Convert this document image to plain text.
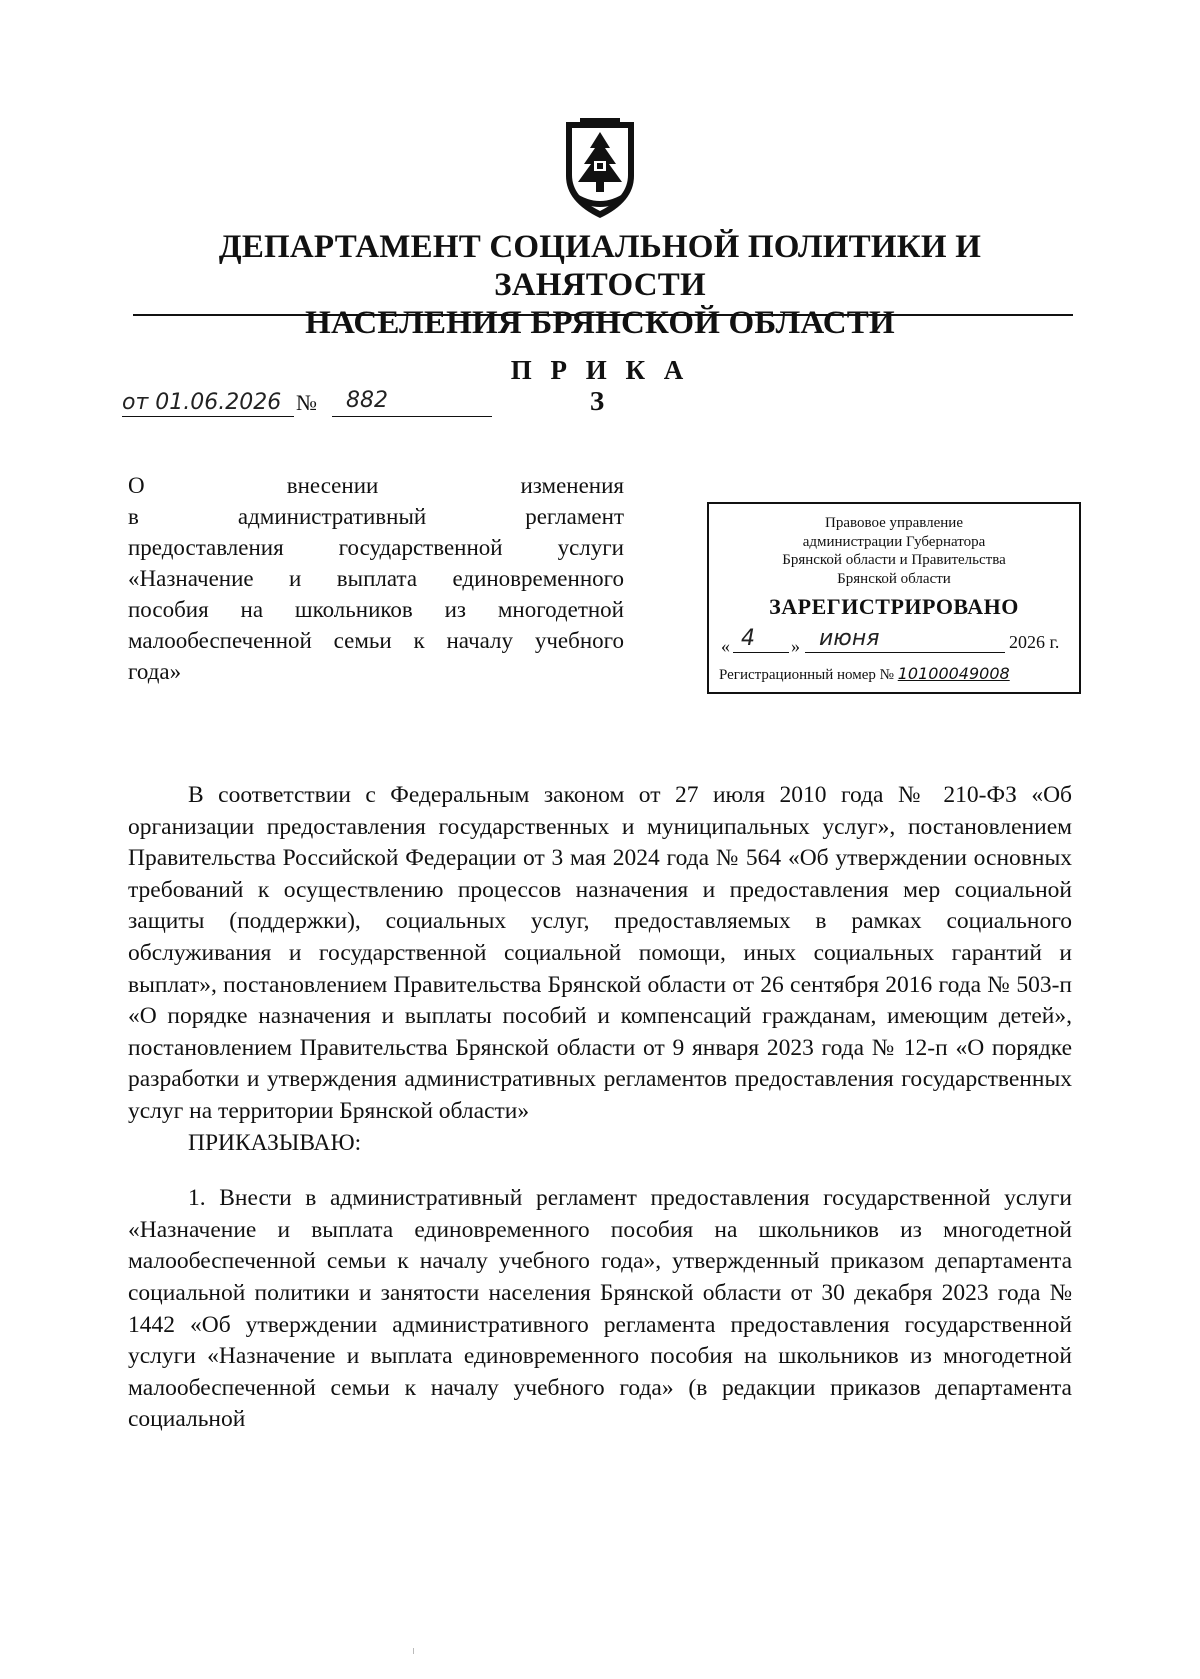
ДЕПАРТАМЕНТ СОЦИАЛЬНОЙ ПОЛИТИКИ И ЗАНЯТОСТИ
НАСЕЛЕНИЯ БРЯНСКОЙ ОБЛАСТИ
П Р И К А З
от 01.06.2026 № 882
О внесении изменения
в административный регламент
предоставления государственной услуги
«Назначение и выплата единовременного
пособия на школьников из многодетной
малообеспеченной семьи к началу учебного
года»
Правовое управление
администрации Губернатора
Брянской области и Правительства
Брянской области
ЗАРЕГИСТРИРОВАНО
« 4 » июня	2026 г.
Регистрационный номер № 10100049008

В соответствии с Федеральным законом от 27 июля 2010 года № 210-ФЗ «Об организации предоставления государственных и муниципальных услуг», постановлением Правительства Российской Федерации от 3 мая 2024 года № 564 «Об утверждении основных требований к осуществлению процессов назначения и предоставления мер социальной защиты (поддержки), социальных услуг, предоставляемых в рамках социального обслуживания и государственной социальной помощи, иных социальных гарантий и выплат», постановлением Правительства Брянской области от 26 сентября 2016 года № 503-п «О порядке назначения и выплаты пособий и компенсаций гражданам, имеющим детей», постановлением Правительства Брянской области от 9 января 2023 года № 12-п «О порядке разработки и утверждения административных регламентов предоставления государственных услуг на территории Брянской области»

ПРИКАЗЫВАЮ:

1. Внести в административный регламент предоставления государственной услуги «Назначение и выплата единовременного пособия на школьников из многодетной малообеспеченной семьи к началу учебного года», утвержденный приказом департамента социальной политики и занятости населения Брянской области от 30 декабря 2023 года № 1442 «Об утверждении административного регламента предоставления государственной услуги «Назначение и выплата единовременного пособия на школьников из многодетной малообеспеченной семьи к началу учебного года» (в редакции приказов департамента социальной
